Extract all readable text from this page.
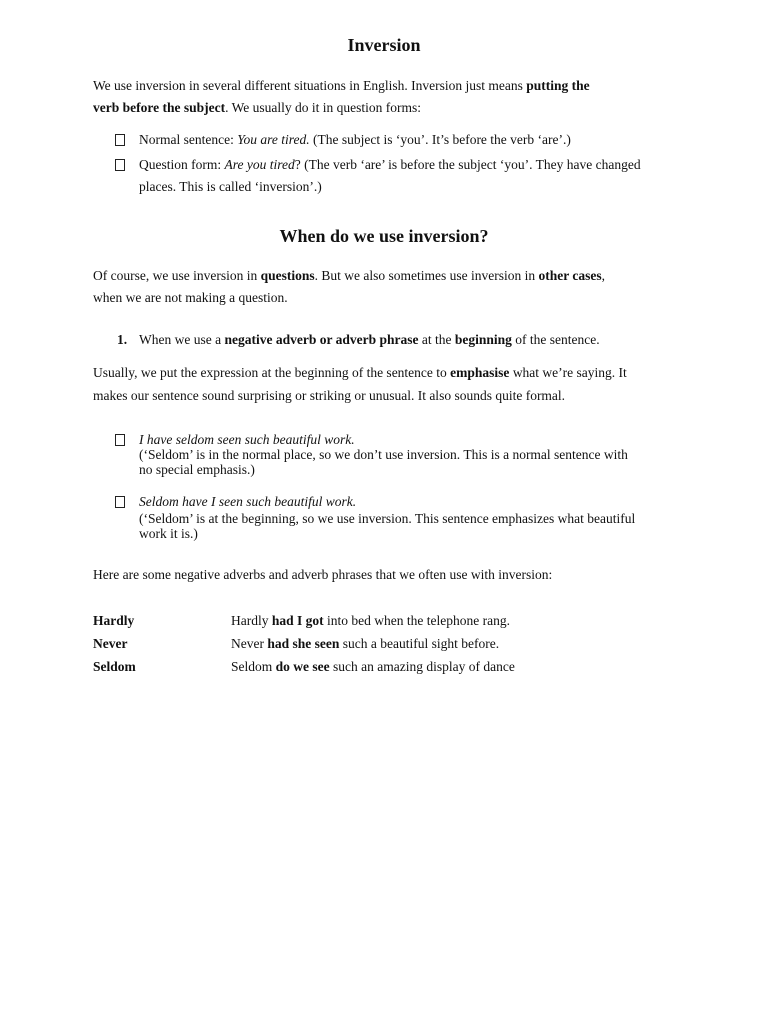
Inversion
We use inversion in several different situations in English. Inversion just means putting the
verb before the subject. We usually do it in question forms:
Normal sentence: You are tired. (The subject is ‘you’. It’s before the verb ‘are’.)
Question form: Are you tired? (The verb ‘are’ is before the subject ‘you’. They have changed
places. This is called ‘inversion’.)
When do we use inversion?
Of course, we use inversion in questions. But we also sometimes use inversion in other cases,
when we are not making a question.
1. When we use a negative adverb or adverb phrase at the beginning of the sentence.
Usually, we put the expression at the beginning of the sentence to emphasise what we’re saying. It
makes our sentence sound surprising or striking or unusual. It also sounds quite formal.
I have seldom seen such beautiful work.
(‘Seldom’ is in the normal place, so we don’t use inversion. This is a normal sentence with
no special emphasis.)
Seldom have I seen such beautiful work.
(‘Seldom’ is at the beginning, so we use inversion. This sentence emphasizes what beautiful
work it is.)
Here are some negative adverbs and adverb phrases that we often use with inversion:
Hardly	Hardly had I got into bed when the telephone rang.
Never	Never had she seen such a beautiful sight before.
Seldom	Seldom do we see such an amazing display of dance
